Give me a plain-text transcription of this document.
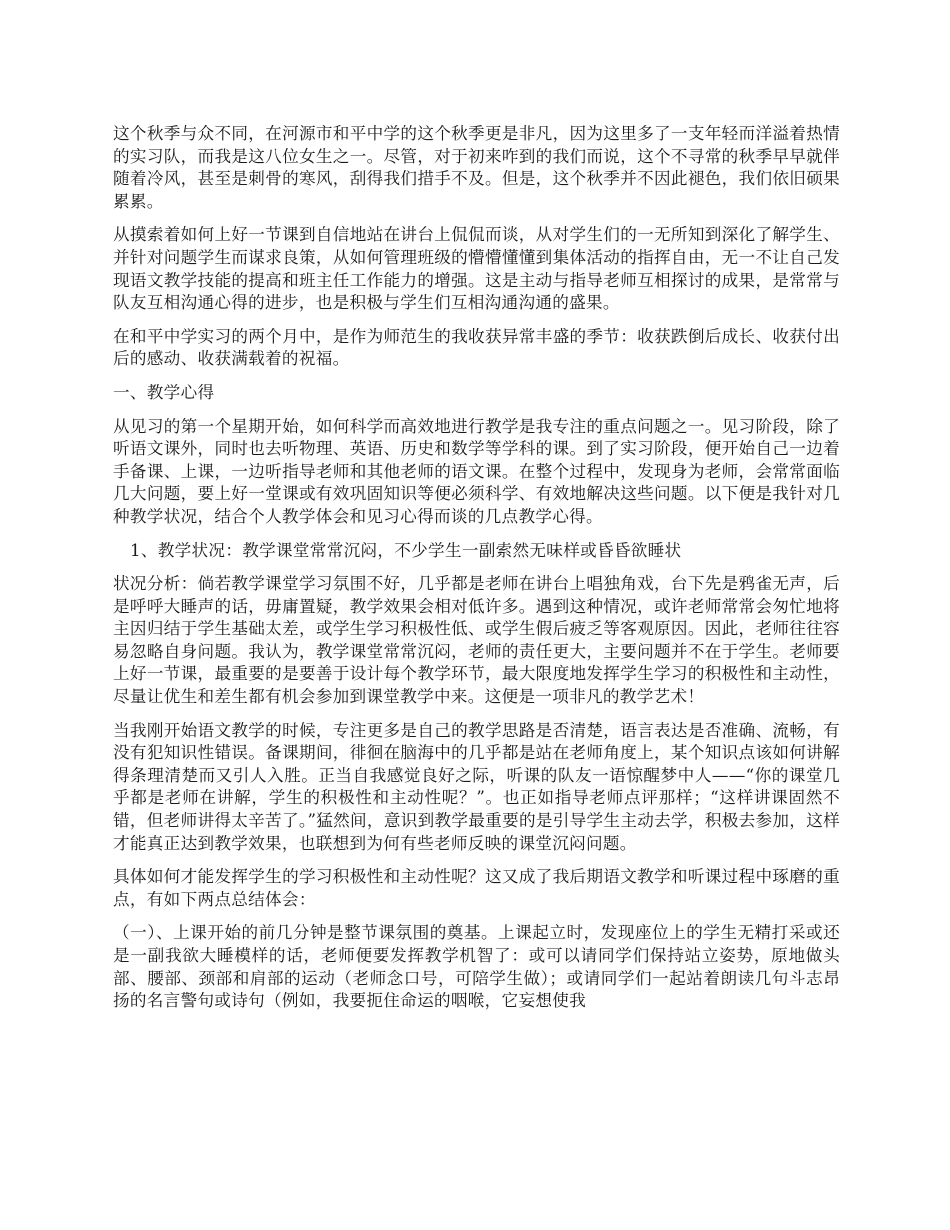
这个秋季与众不同，在河源市和平中学的这个秋季更是非凡，因为这里多了一支年轻而洋溢着热情的实习队，而我是这八位女生之一。尽管，对于初来咋到的我们而说，这个不寻常的秋季早早就伴随着冷风，甚至是刺骨的寒风，刮得我们措手不及。但是，这个秋季并不因此褪色，我们依旧硕果累累。

从摸索着如何上好一节课到自信地站在讲台上侃侃而谈，从对学生们的一无所知到深化了解学生、并针对问题学生而谋求良策，从如何管理班级的懵懵懂懂到集体活动的指挥自由，无一不让自己发现语文教学技能的提高和班主任工作能力的增强。这是主动与指导老师互相探讨的成果，是常常与队友互相沟通心得的进步，也是积极与学生们互相沟通沟通的盛果。

在和平中学实习的两个月中，是作为师范生的我收获异常丰盛的季节：收获跌倒后成长、收获付出后的感动、收获满载着的祝福。

一、教学心得

从见习的第一个星期开始，如何科学而高效地进行教学是我专注的重点问题之一。见习阶段，除了听语文课外，同时也去听物理、英语、历史和数学等学科的课。到了实习阶段，便开始自己一边着手备课、上课，一边听指导老师和其他老师的语文课。在整个过程中，发现身为老师，会常常面临几大问题，要上好一堂课或有效巩固知识等便必须科学、有效地解决这些问题。以下便是我针对几种教学状况，结合个人教学体会和见习心得而谈的几点教学心得。

1、教学状况：教学课堂常常沉闷，不少学生一副索然无味样或昏昏欲睡状

状况分析：倘若教学课堂学习氛围不好，几乎都是老师在讲台上唱独角戏，台下先是鸦雀无声，后是呼呼大睡声的话，毋庸置疑，教学效果会相对低许多。遇到这种情况，或许老师常常会匆忙地将主因归结于学生基础太差，或学生学习积极性低、或学生假后疲乏等客观原因。因此，老师往往容易忽略自身问题。我认为，教学课堂常常沉闷，老师的责任更大，主要问题并不在于学生。老师要上好一节课，最重要的是要善于设计每个教学环节，最大限度地发挥学生学习的积极性和主动性，尽量让优生和差生都有机会参加到课堂教学中来。这便是一项非凡的教学艺术！

当我刚开始语文教学的时候，专注更多是自己的教学思路是否清楚，语言表达是否准确、流畅，有没有犯知识性错误。备课期间，徘徊在脑海中的几乎都是站在老师角度上，某个知识点该如何讲解得条理清楚而又引人入胜。正当自我感觉良好之际，听课的队友一语惊醒梦中人——“你的课堂几乎都是老师在讲解，学生的积极性和主动性呢？”。也正如指导老师点评那样；“这样讲课固然不错，但老师讲得太辛苦了。”猛然间，意识到教学最重要的是引导学生主动去学，积极去参加，这样才能真正达到教学效果，也联想到为何有些老师反映的课堂沉闷问题。

具体如何才能发挥学生的学习积极性和主动性呢？这又成了我后期语文教学和听课过程中琢磨的重点，有如下两点总结体会：

（一）、上课开始的前几分钟是整节课氛围的奠基。上课起立时，发现座位上的学生无精打采或还是一副我欲大睡模样的话，老师便要发挥教学机智了：或可以请同学们保持站立姿势，原地做头部、腰部、颈部和肩部的运动（老师念口号，可陪学生做）；或请同学们一起站着朗读几句斗志昂扬的名言警句或诗句（例如，我要扼住命运的咽喉，它妄想使我
